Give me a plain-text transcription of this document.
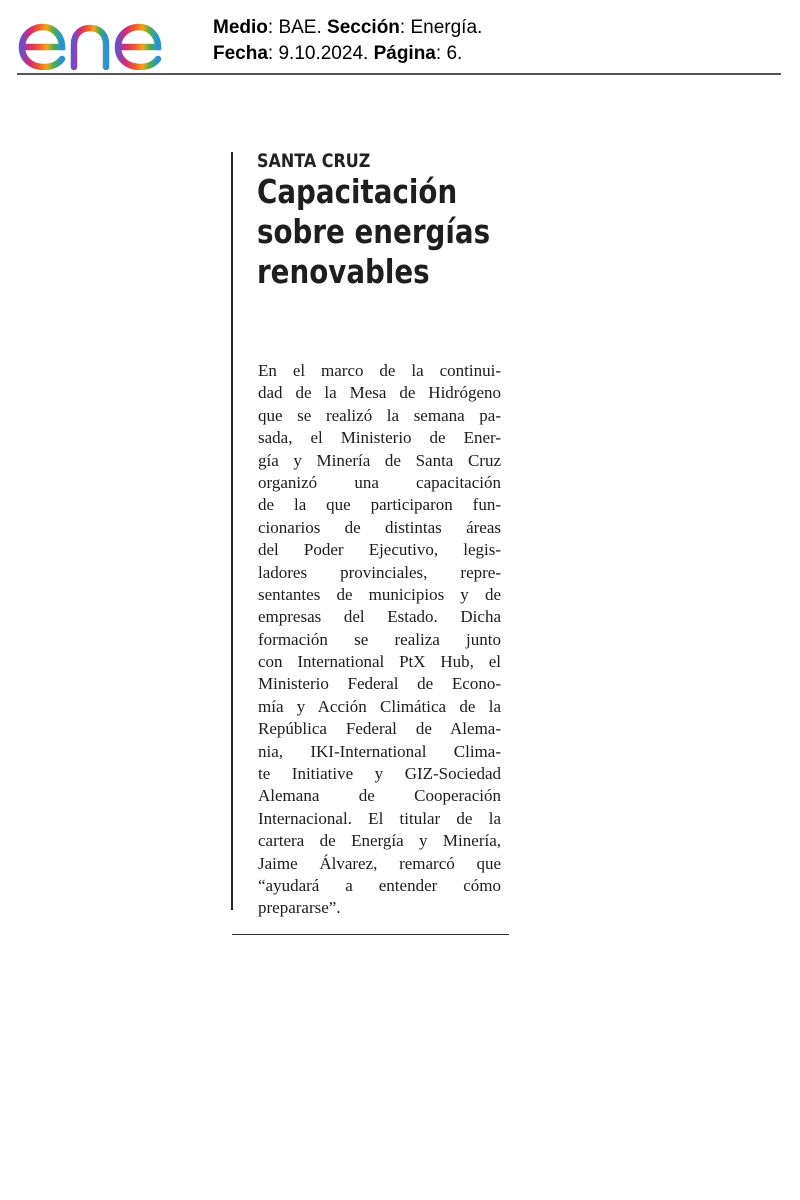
Medio: BAE. Sección: Energía.
Fecha: 9.10.2024. Página: 6.
SANTA CRUZ
Capacitación
sobre energías
renovables
En el marco de la continui-
dad de la Mesa de Hidrógeno
que se realizó la semana pa-
sada, el Ministerio de Ener-
gía y Minería de Santa Cruz
organizó una capacitación
de la que participaron fun-
cionarios de distintas áreas
del Poder Ejecutivo, legis-
ladores provinciales, repre-
sentantes de municipios y de
empresas del Estado. Dicha
formación se realiza junto
con International PtX Hub, el
Ministerio Federal de Econo-
mía y Acción Climática de la
República Federal de Alema-
nia, IKI-International Clima-
te Initiative y GIZ-Sociedad
Alemana de Cooperación
Internacional. El titular de la
cartera de Energía y Minería,
Jaime Álvarez, remarcó que
“ayudará a entender cómo
prepararse”.
